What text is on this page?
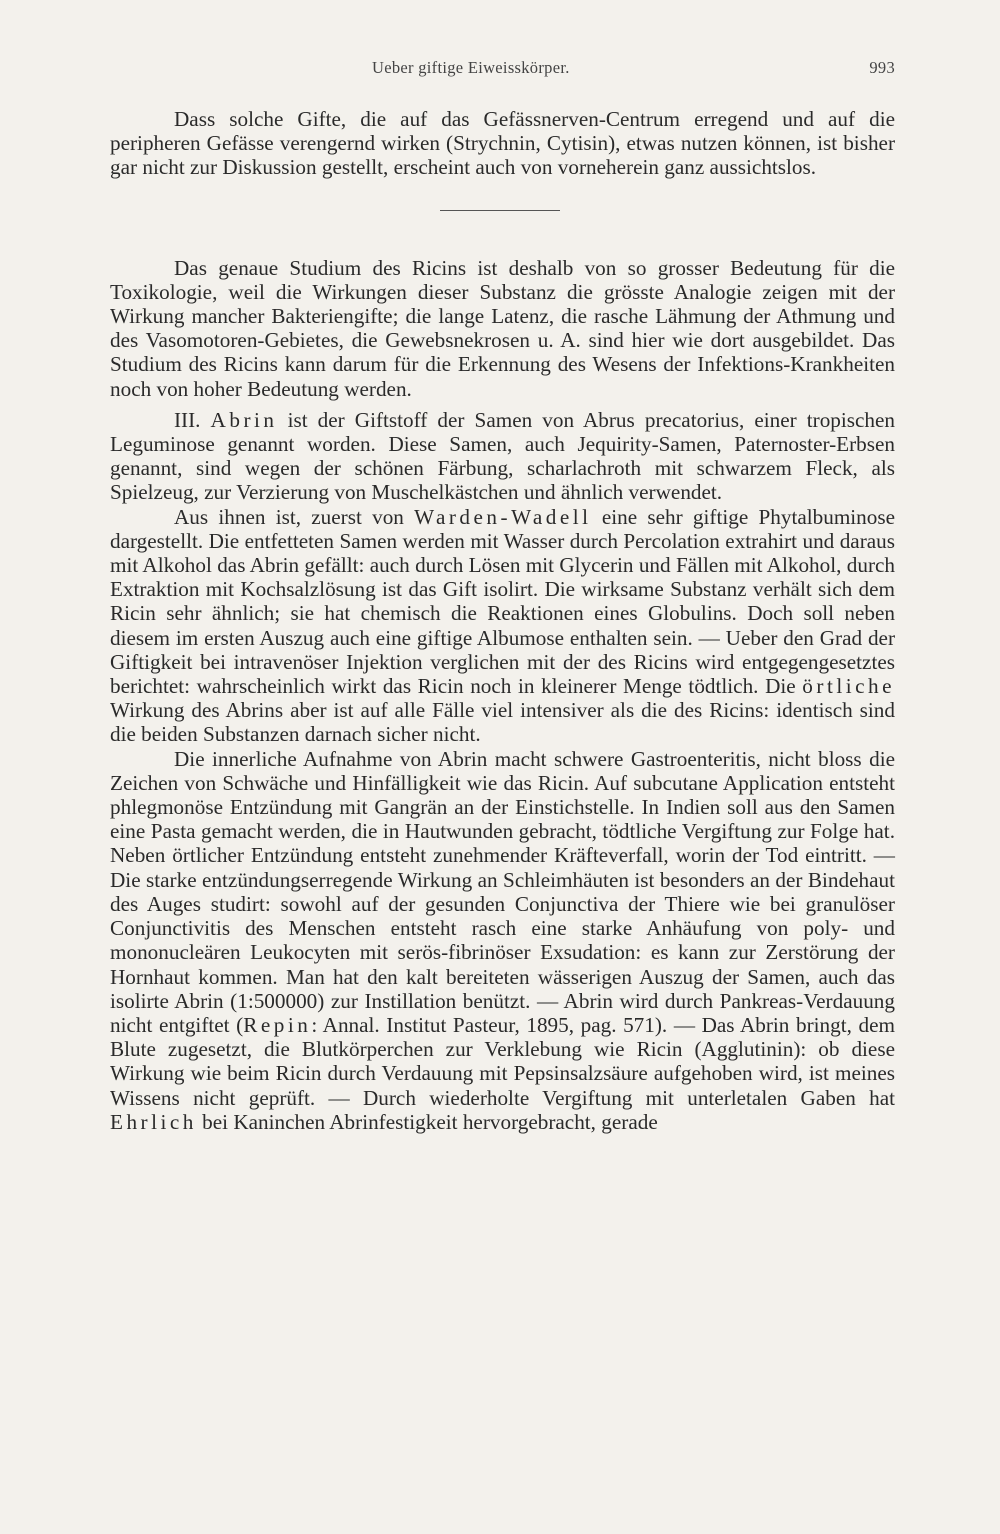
Ueber giftige Eiweisskörper.	993

Dass solche Gifte, die auf das Gefässnerven-Centrum erregend und auf die peripheren Gefässe verengernd wirken (Strychnin, Cytisin), etwas nutzen können, ist bisher gar nicht zur Diskussion gestellt, erscheint auch von vorneherein ganz aussichtslos.

Das genaue Studium des Ricins ist deshalb von so grosser Bedeutung für die Toxikologie, weil die Wirkungen dieser Substanz die grösste Analogie zeigen mit der Wirkung mancher Bakteriengifte; die lange Latenz, die rasche Lähmung der Athmung und des Vasomotoren-Gebietes, die Gewebsnekrosen u. A. sind hier wie dort ausgebildet. Das Studium des Ricins kann darum für die Erkennung des Wesens der Infektions-Krankheiten noch von hoher Bedeutung werden.

III. Abrin ist der Giftstoff der Samen von Abrus precatorius, einer tropischen Leguminose genannt worden. Diese Samen, auch Jequirity-Samen, Paternoster-Erbsen genannt, sind wegen der schönen Färbung, scharlachroth mit schwarzem Fleck, als Spielzeug, zur Verzierung von Muschelkästchen und ähnlich verwendet.

Aus ihnen ist, zuerst von Warden-Wadell eine sehr giftige Phytalbuminose dargestellt. Die entfetteten Samen werden mit Wasser durch Percolation extrahirt und daraus mit Alkohol das Abrin gefällt: auch durch Lösen mit Glycerin und Fällen mit Alkohol, durch Extraktion mit Kochsalzlösung ist das Gift isolirt. Die wirksame Substanz verhält sich dem Ricin sehr ähnlich; sie hat chemisch die Reaktionen eines Globulins. Doch soll neben diesem im ersten Auszug auch eine giftige Albumose enthalten sein. — Ueber den Grad der Giftigkeit bei intravenöser Injektion verglichen mit der des Ricins wird entgegengesetztes berichtet: wahrscheinlich wirkt das Ricin noch in kleinerer Menge tödtlich. Die örtliche Wirkung des Abrins aber ist auf alle Fälle viel intensiver als die des Ricins: identisch sind die beiden Substanzen darnach sicher nicht.

Die innerliche Aufnahme von Abrin macht schwere Gastroenteritis, nicht bloss die Zeichen von Schwäche und Hinfälligkeit wie das Ricin. Auf subcutane Application entsteht phlegmonöse Entzündung mit Gangrän an der Einstichstelle. In Indien soll aus den Samen eine Pasta gemacht werden, die in Hautwunden gebracht, tödtliche Vergiftung zur Folge hat. Neben örtlicher Entzündung entsteht zunehmender Kräfteverfall, worin der Tod eintritt. — Die starke entzündungserregende Wirkung an Schleimhäuten ist besonders an der Bindehaut des Auges studirt: sowohl auf der gesunden Conjunctiva der Thiere wie bei granulöser Conjunctivitis des Menschen entsteht rasch eine starke Anhäufung von poly- und mononucleären Leukocyten mit serös-fibrinöser Exsudation: es kann zur Zerstörung der Hornhaut kommen. Man hat den kalt bereiteten wässerigen Auszug der Samen, auch das isolirte Abrin (1:500000) zur Instillation benützt. — Abrin wird durch Pankreas-Verdauung nicht entgiftet (Repin: Annal. Institut Pasteur, 1895, pag. 571). — Das Abrin bringt, dem Blute zugesetzt, die Blutkörperchen zur Verklebung wie Ricin (Agglutinin): ob diese Wirkung wie beim Ricin durch Verdauung mit Pepsinsalzsäure aufgehoben wird, ist meines Wissens nicht geprüft. — Durch wiederholte Vergiftung mit unterletalen Gaben hat Ehrlich bei Kaninchen Abrinfestigkeit hervorgebracht, gerade
